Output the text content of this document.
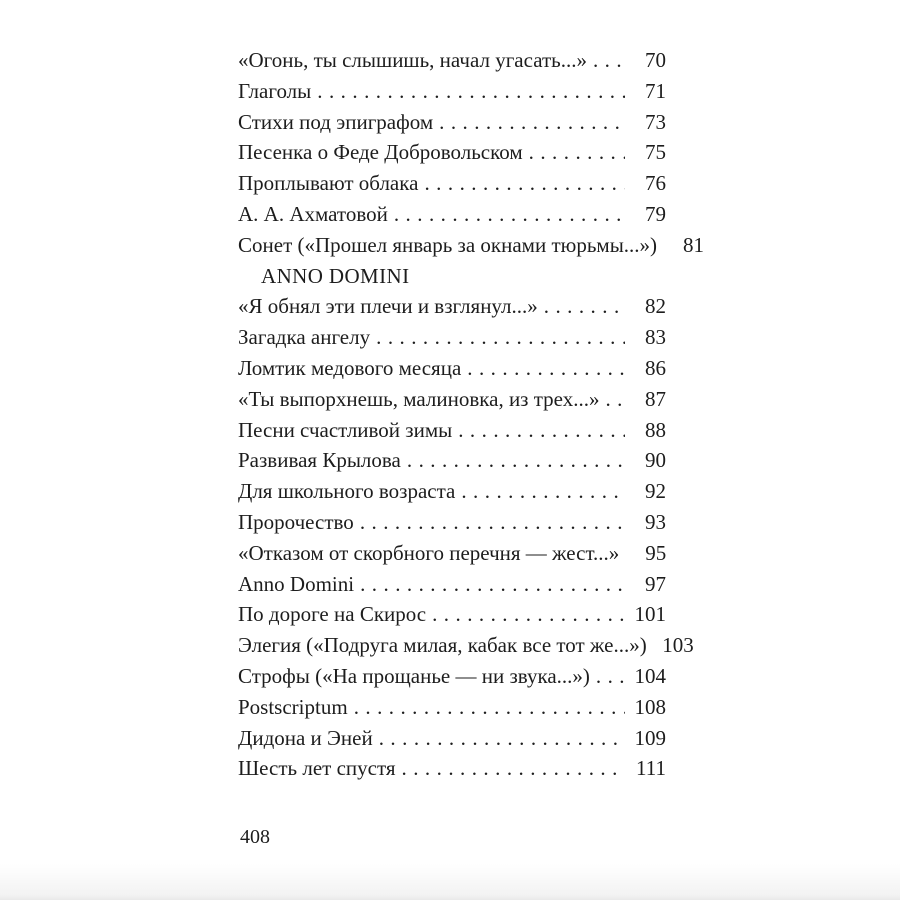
«Огонь, ты слышишь, начал угасать...» . . .	70
Глаголы . . .	71
Стихи под эпиграфом . . .	73
Песенка о Феде Добровольском . . .	75
Проплывают облака . . .	76
А. А. Ахматовой . . .	79
Сонет («Прошел январь за окнами тюрьмы...»)	81
ANNO DOMINI
«Я обнял эти плечи и взглянул...» . . .	82
Загадка ангелу . . .	83
Ломтик медового месяца . . .	86
«Ты выпорхнешь, малиновка, из трех...» . . .	87
Песни счастливой зимы . . .	88
Развивая Крылова . . .	90
Для школьного возраста . . .	92
Пророчество . . .	93
«Отказом от скорбного перечня — жест...»	95
Anno Domini . . .	97
По дороге на Скирос . . .	101
Элегия («Подруга милая, кабак все тот же...») 103
Строфы («На прощанье — ни звука...») . . . 104
Postscriptum . . .	108
Дидона и Эней . . .	109
Шесть лет спустя . . .	111
408
